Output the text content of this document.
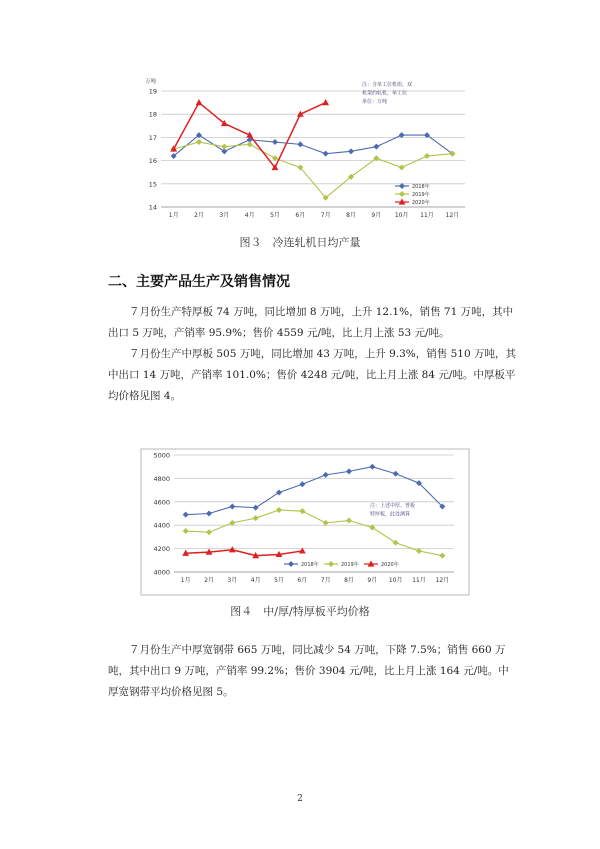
14
15
16
17
18
19
万吨
1月	2月	3月	4月	5月	6月	7月	8月	9月 10月 11月 12月
注：含单工位机组，双
机架的轧机，单工位
单位：万吨
2018年
2019年
2020年
图３　冷连轧机日均产量
二、主要产品生产及销售情况
７月份生产特厚板 74 万吨，同比增加 8 万吨，上升 12.1%，销售 71 万吨，其中出口 5 万吨，产销率 95.9%；售价 4559 元/吨，比上月上涨 53 元/吨。
７月份生产中厚板 505 万吨，同比增加 43 万吨，上升 9.3%，销售 510 万吨，其中出口 14 万吨，产销率 101.0%；售价 4248 元/吨，比上月上涨 84 元/吨。中厚板平均价格见图 4。
4000
4200
4400
4600
4800
5000
1月 2月 3月 4月 5月 6月 7月 8月 9月 10月 11月 12月
注：上述中厚、普板
特厚板，此处测算
2018年	2019年	2020年
图４　中/厚/特厚板平均价格
７月份生产中厚宽钢带 665 万吨，同比减少 54 万吨，下降 7.5%；销售 660 万吨，其中出口 9 万吨，产销率 99.2%；售价 3904 元/吨，比上月上涨 164 元/吨。中厚宽钢带平均价格见图 5。
2
